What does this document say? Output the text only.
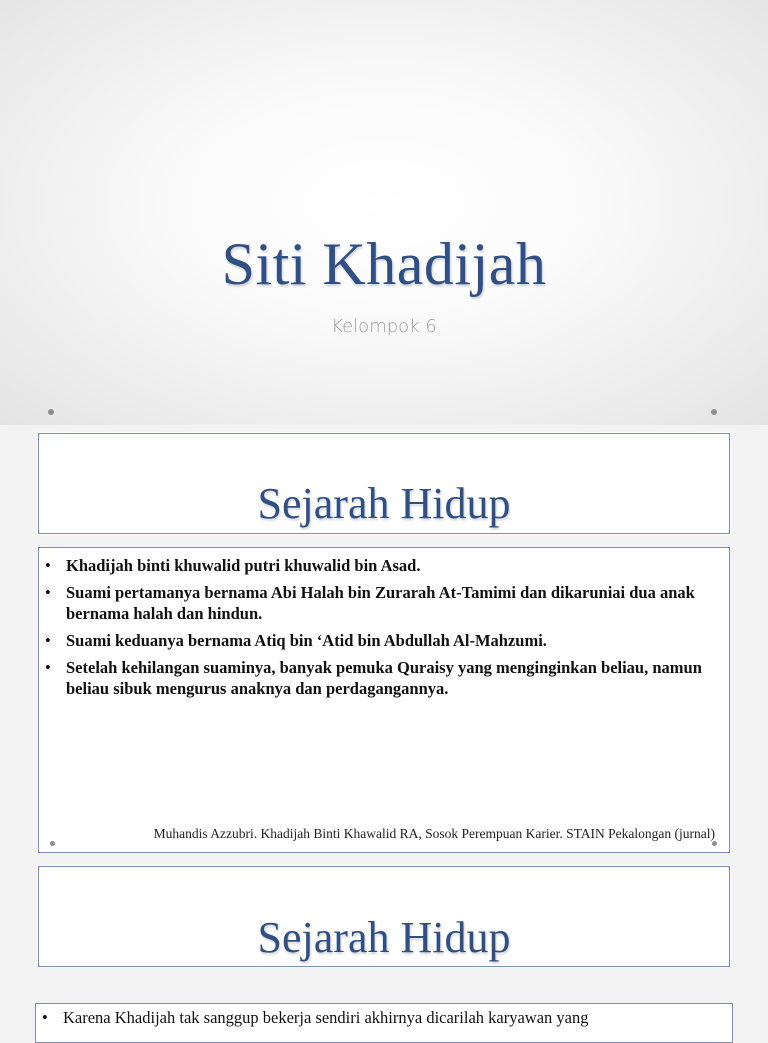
Siti Khadijah
Kelompok 6
Sejarah Hidup
• Khadijah binti khuwalid putri khuwalid bin Asad.
• Suami pertamanya bernama Abi Halah bin Zurarah At-Tamimi dan dikaruniai dua anak bernama halah dan hindun.
• Suami keduanya bernama Atiq bin ‘Atid bin Abdullah Al-Mahzumi.
• Setelah kehilangan suaminya, banyak pemuka Quraisy yang menginginkan beliau, namun beliau sibuk mengurus anaknya dan perdagangannya.
Muhandis Azzubri. Khadijah Binti Khawalid RA, Sosok Perempuan Karier. STAIN Pekalongan (jurnal)
Sejarah Hidup
• Karena Khadijah tak sanggup bekerja sendiri akhirnya dicarilah karyawan yang
